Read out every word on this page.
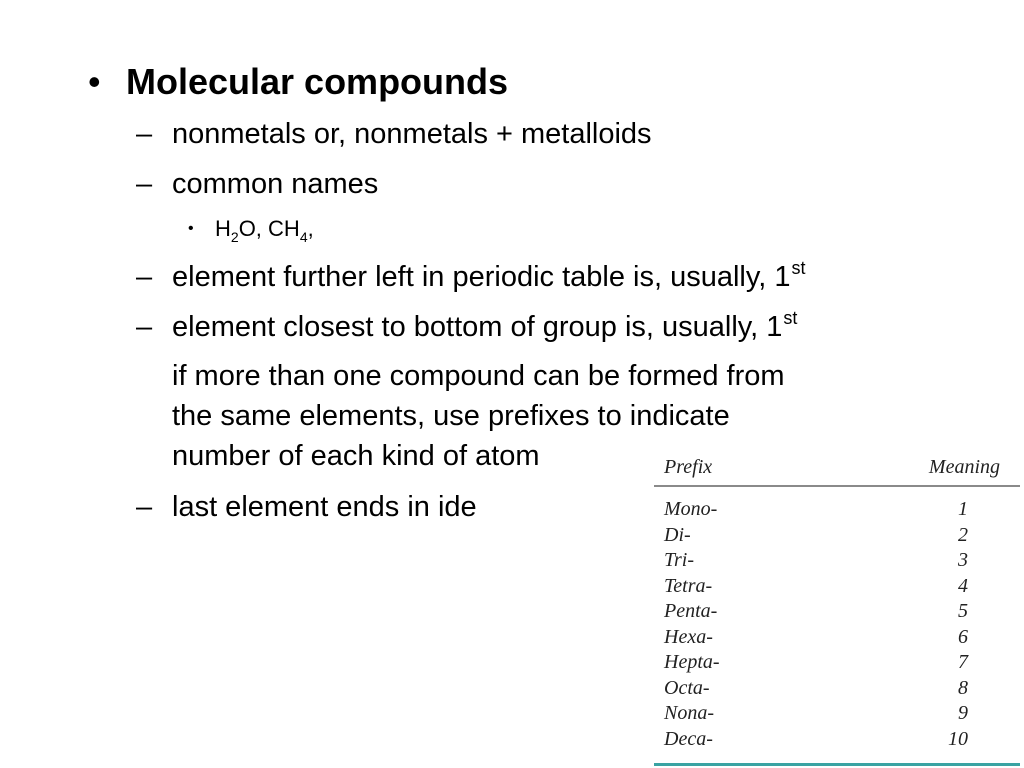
• Molecular compounds
– nonmetals or, nonmetals + metalloids
– common names
• $H_2O$, $CH_4$,
– element further left in periodic table is, usually, 1st
– element closest to bottom of group is, usually, 1st
if more than one compound can be formed from
the same elements, use prefixes to indicate
number of each kind of atom
– last element ends in ide
Prefix	Meaning
Mono-	1
Di-	2
Tri-	3
Tetra-	4
Penta-	5
Hexa-	6
Hepta-	7
Octa-	8
Nona-	9
Deca-	10
